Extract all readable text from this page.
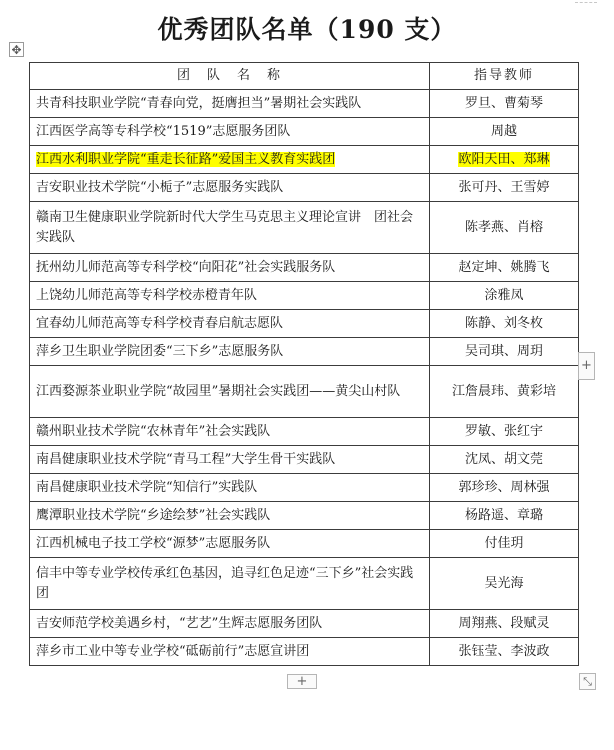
优秀团队名单（190 支）
✥
团　队　名　称	指导教师
共青科技职业学院“青春向党，挺膺担当”暑期社会实践队	罗旦、曹菊琴
江西医学高等专科学校“1519”志愿服务团队	周越
江西水利职业学院“重走长征路”爱国主义教育实践团	欧阳天田、郑琳
吉安职业技术学院“小栀子”志愿服务实践队	张可丹、王雪婷
赣南卫生健康职业学院新时代大学生马克思主义理论宣讲　团社会实践队	陈孝燕、肖榕
抚州幼儿师范高等专科学校“向阳花”社会实践服务队	赵定坤、姚腾飞
上饶幼儿师范高等专科学校赤橙青年队	涂雅凤
宜春幼儿师范高等专科学校青春启航志愿队	陈静、刘冬枚
萍乡卫生职业学院团委“三下乡”志愿服务队	吴司琪、周玥
江西婺源茶业职业学院“故园里”暑期社会实践团——黄尖山村队	江詹晨玮、黄彩培
赣州职业技术学院“农林青年”社会实践队	罗敏、张红宇
南昌健康职业技术学院“青马工程”大学生骨干实践队	沈凤、胡文莞
南昌健康职业技术学院“知信行”实践队	郭珍珍、周林强
鹰潭职业技术学院“乡途绘梦”社会实践队	杨路遥、章璐
江西机械电子技工学校“源梦”志愿服务队	付佳玥
信丰中等专业学校传承红色基因，追寻红色足迹“三下乡”社会实践团	吴光海
吉安师范学校美遇乡村，“艺艺”生辉志愿服务团队	周翔燕、段赋灵
萍乡市工业中等专业学校“砥砺前行”志愿宣讲团	张钰莹、李波政
+
+	⤡
